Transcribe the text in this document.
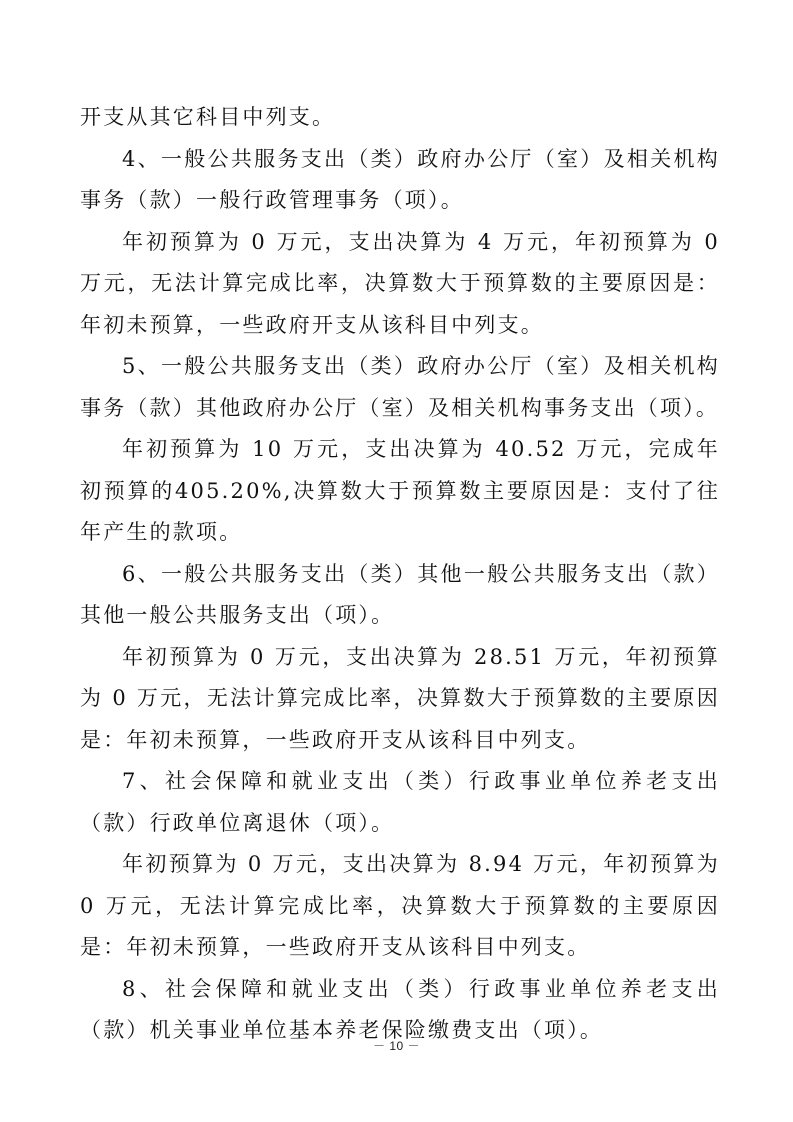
开支从其它科目中列支。

4、一般公共服务支出（类）政府办公厅（室）及相关机构事务（款）一般行政管理事务（项）。

年初预算为 0 万元，支出决算为 4 万元，年初预算为 0 万元，无法计算完成比率，决算数大于预算数的主要原因是：年初未预算，一些政府开支从该科目中列支。

5、一般公共服务支出（类）政府办公厅（室）及相关机构事务（款）其他政府办公厅（室）及相关机构事务支出（项）。

年初预算为 10 万元，支出决算为 40.52 万元，完成年初预算的405.20%,决算数大于预算数主要原因是：支付了往年产生的款项。

6、一般公共服务支出（类）其他一般公共服务支出（款）其他一般公共服务支出（项）。

年初预算为 0 万元，支出决算为 28.51 万元，年初预算为 0 万元，无法计算完成比率，决算数大于预算数的主要原因是：年初未预算，一些政府开支从该科目中列支。

7、社会保障和就业支出（类）行政事业单位养老支出（款）行政单位离退休（项）。

年初预算为 0 万元，支出决算为 8.94 万元，年初预算为 0 万元，无法计算完成比率，决算数大于预算数的主要原因是：年初未预算，一些政府开支从该科目中列支。

8、社会保障和就业支出（类）行政事业单位养老支出（款）机关事业单位基本养老保险缴费支出（项）。

－ 10 －
